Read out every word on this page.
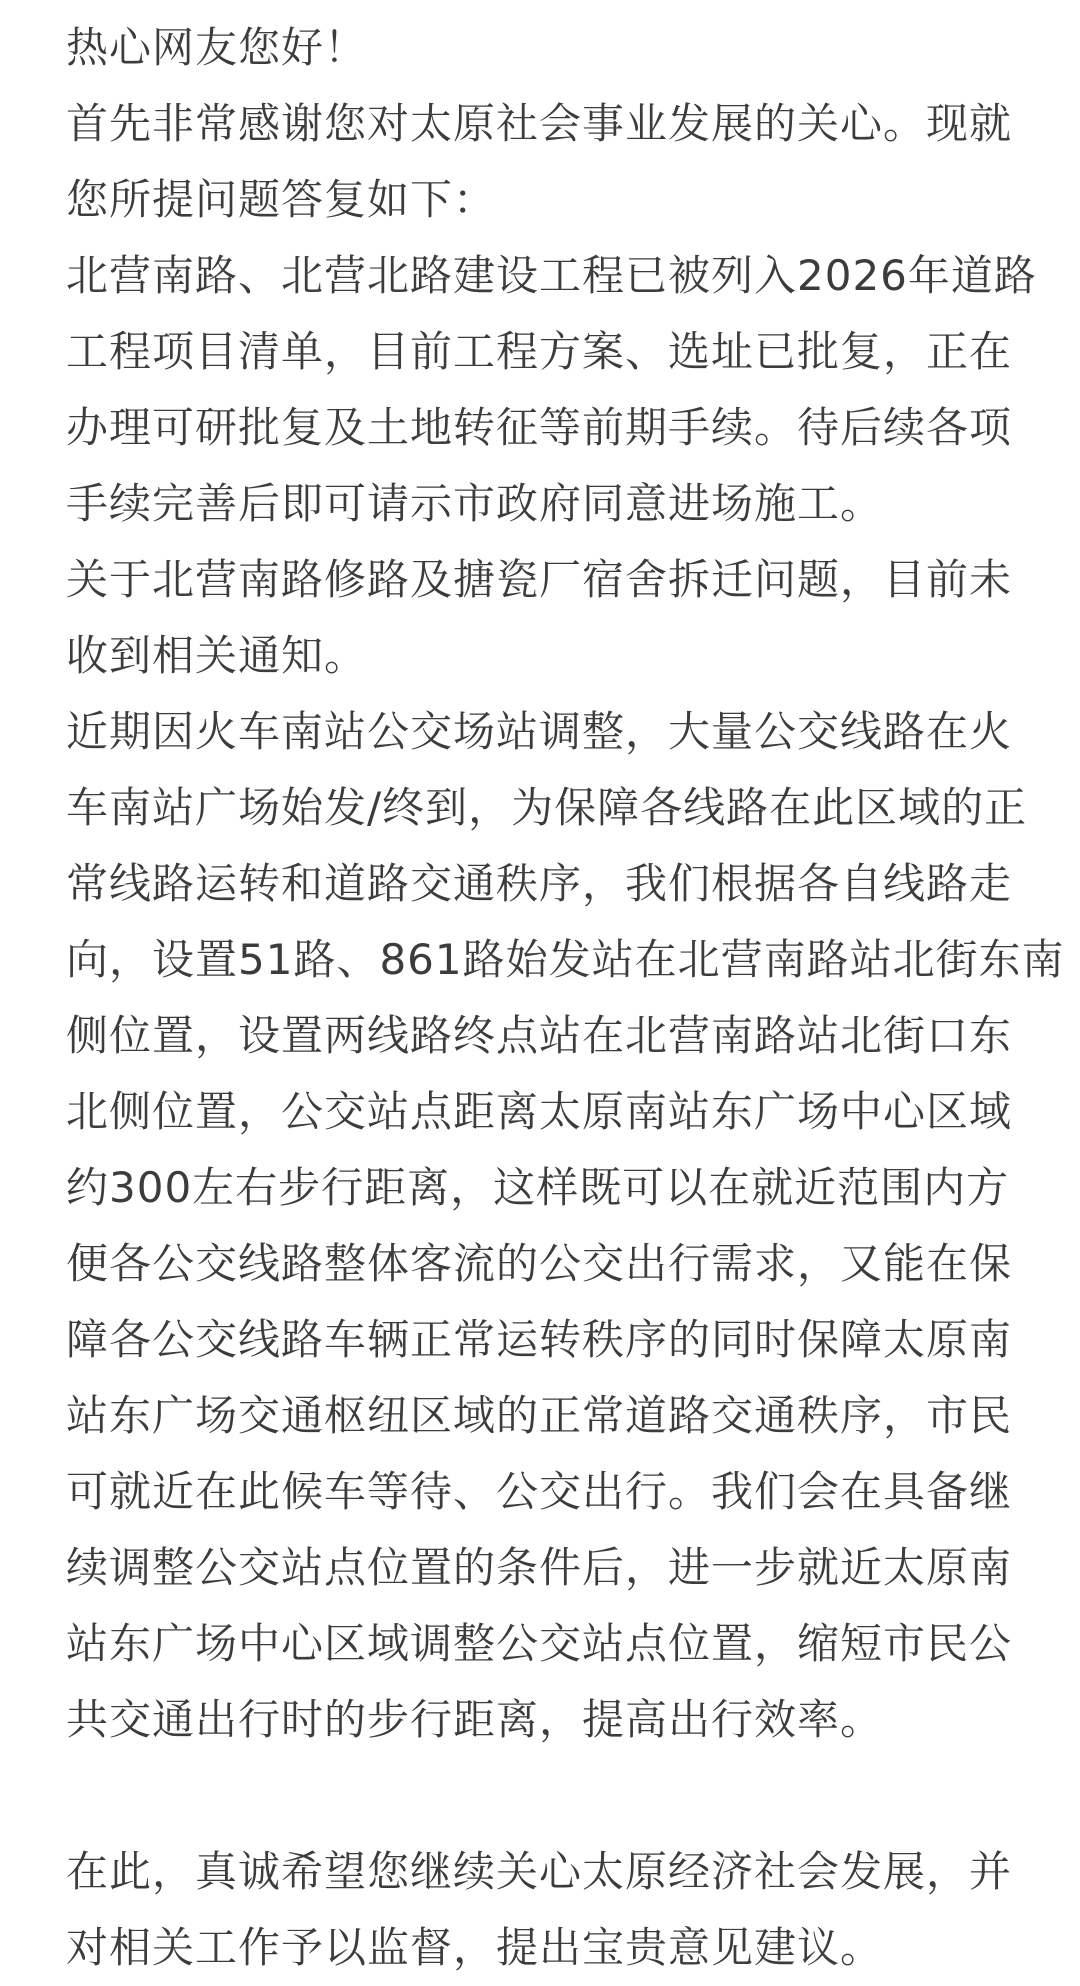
热心网友您好！

首先非常感谢您对太原社会事业发展的关心。现就
您所提问题答复如下：

北营南路、北营北路建设工程已被列入2026年道路
工程项目清单，目前工程方案、选址已批复，正在
办理可研批复及土地转征等前期手续。待后续各项
手续完善后即可请示市政府同意进场施工。

关于北营南路修路及搪瓷厂宿舍拆迁问题，目前未
收到相关通知。

近期因火车南站公交场站调整，大量公交线路在火
车南站广场始发/终到，为保障各线路在此区域的正
常线路运转和道路交通秩序，我们根据各自线路走
向，设置51路、861路始发站在北营南路站北街东南
侧位置，设置两线路终点站在北营南路站北街口东
北侧位置，公交站点距离太原南站东广场中心区域
约300左右步行距离，这样既可以在就近范围内方
便各公交线路整体客流的公交出行需求，又能在保
障各公交线路车辆正常运转秩序的同时保障太原南
站东广场交通枢纽区域的正常道路交通秩序，市民
可就近在此候车等待、公交出行。我们会在具备继
续调整公交站点位置的条件后，进一步就近太原南
站东广场中心区域调整公交站点位置，缩短市民公
共交通出行时的步行距离，提高出行效率。

在此，真诚希望您继续关心太原经济社会发展，并
对相关工作予以监督，提出宝贵意见建议。
